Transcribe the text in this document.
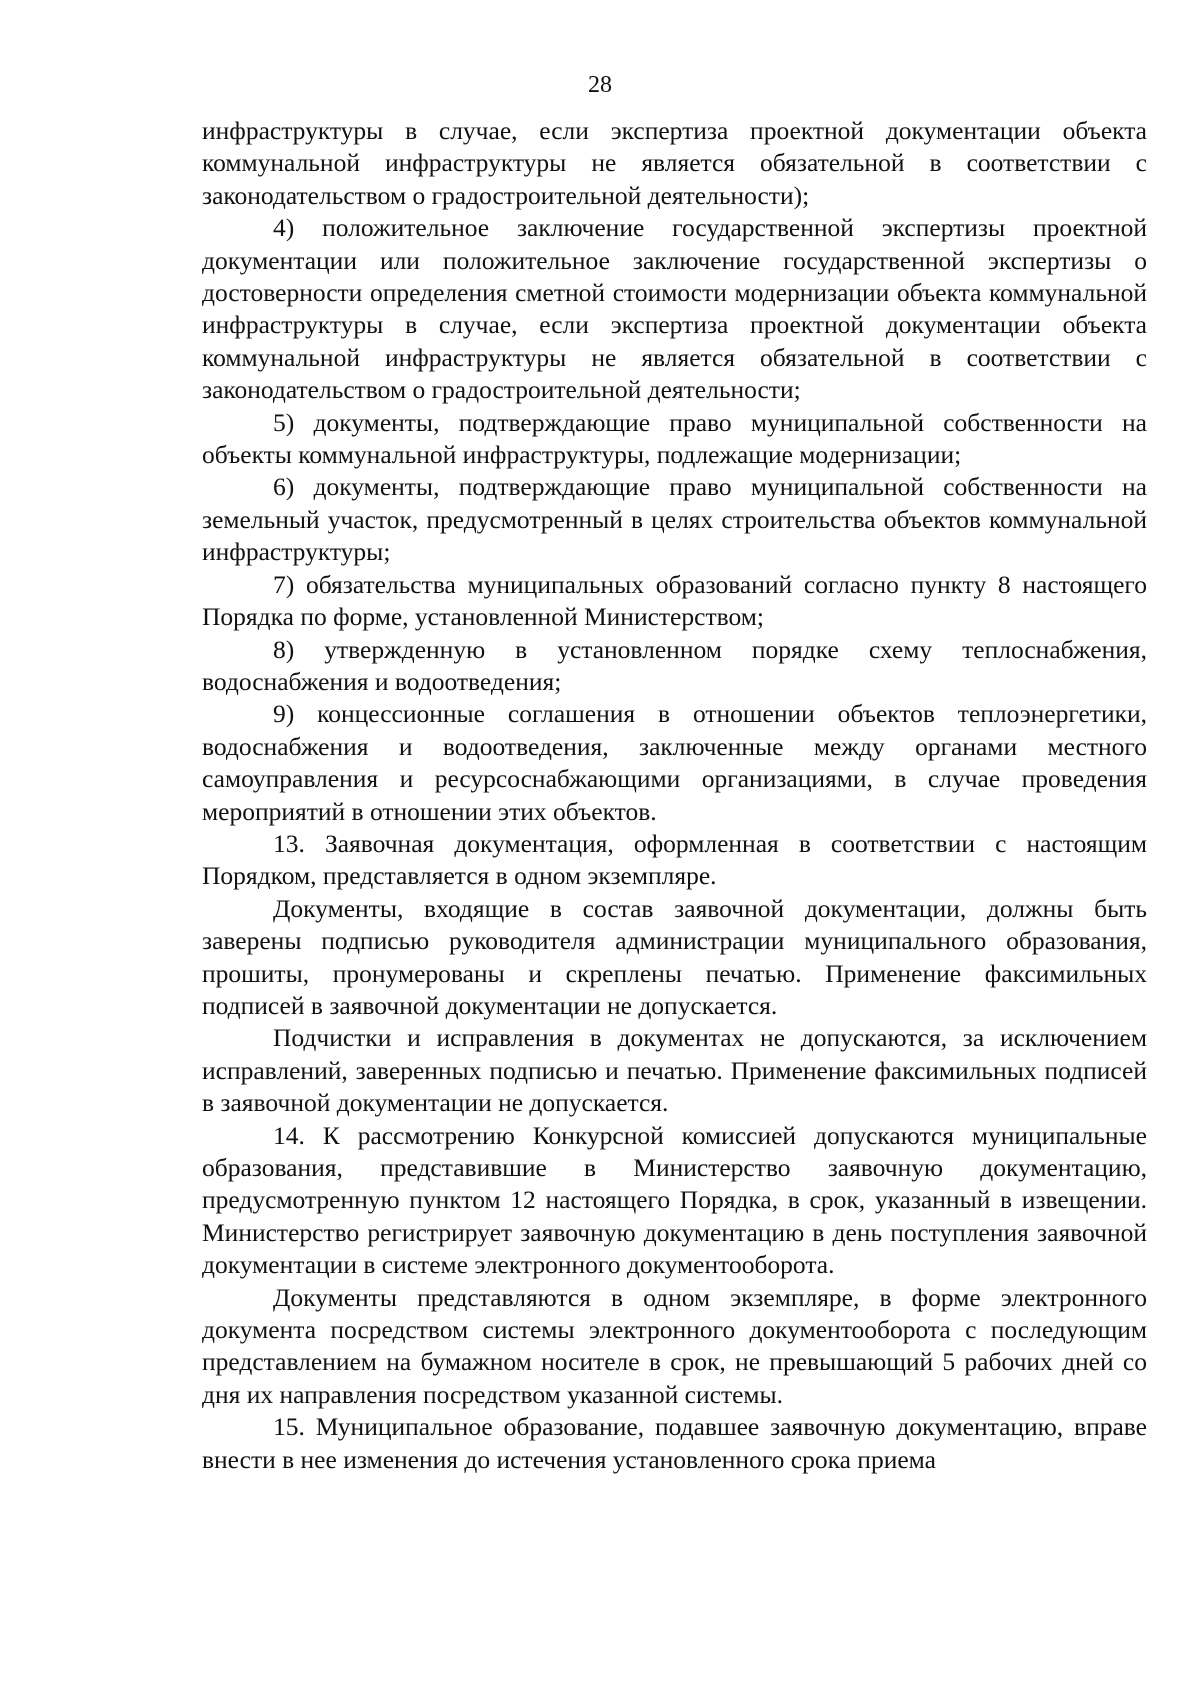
28

инфраструктуры в случае, если экспертиза проектной документации объекта коммунальной инфраструктуры не является обязательной в соответствии с законодательством о градостроительной деятельности);

4) положительное заключение государственной экспертизы проектной документации или положительное заключение государственной экспертизы о достоверности определения сметной стоимости модернизации объекта коммунальной инфраструктуры в случае, если экспертиза проектной документации объекта коммунальной инфраструктуры не является обязательной в соответствии с законодательством о градостроительной деятельности;

5) документы, подтверждающие право муниципальной собственности на объекты коммунальной инфраструктуры, подлежащие модернизации;

6) документы, подтверждающие право муниципальной собственности на земельный участок, предусмотренный в целях строительства объектов коммунальной инфраструктуры;

7) обязательства муниципальных образований согласно пункту 8 настоящего Порядка по форме, установленной Министерством;

8) утвержденную в установленном порядке схему теплоснабжения, водоснабжения и водоотведения;

9) концессионные соглашения в отношении объектов теплоэнергетики, водоснабжения и водоотведения, заключенные между органами местного самоуправления и ресурсоснабжающими организациями, в случае проведения мероприятий в отношении этих объектов.

13. Заявочная документация, оформленная в соответствии с настоящим Порядком, представляется в одном экземпляре.

Документы, входящие в состав заявочной документации, должны быть заверены подписью руководителя администрации муниципального образования, прошиты, пронумерованы и скреплены печатью. Применение факсимильных подписей в заявочной документации не допускается.

Подчистки и исправления в документах не допускаются, за исключением исправлений, заверенных подписью и печатью. Применение факсимильных подписей в заявочной документации не допускается.

14. К рассмотрению Конкурсной комиссией допускаются муниципальные образования, представившие в Министерство заявочную документацию, предусмотренную пунктом 12 настоящего Порядка, в срок, указанный в извещении. Министерство регистрирует заявочную документацию в день поступления заявочной документации в системе электронного документооборота.

Документы представляются в одном экземпляре, в форме электронного документа посредством системы электронного документооборота с последующим представлением на бумажном носителе в срок, не превышающий 5 рабочих дней со дня их направления посредством указанной системы.

15. Муниципальное образование, подавшее заявочную документацию, вправе внести в нее изменения до истечения установленного срока приема
